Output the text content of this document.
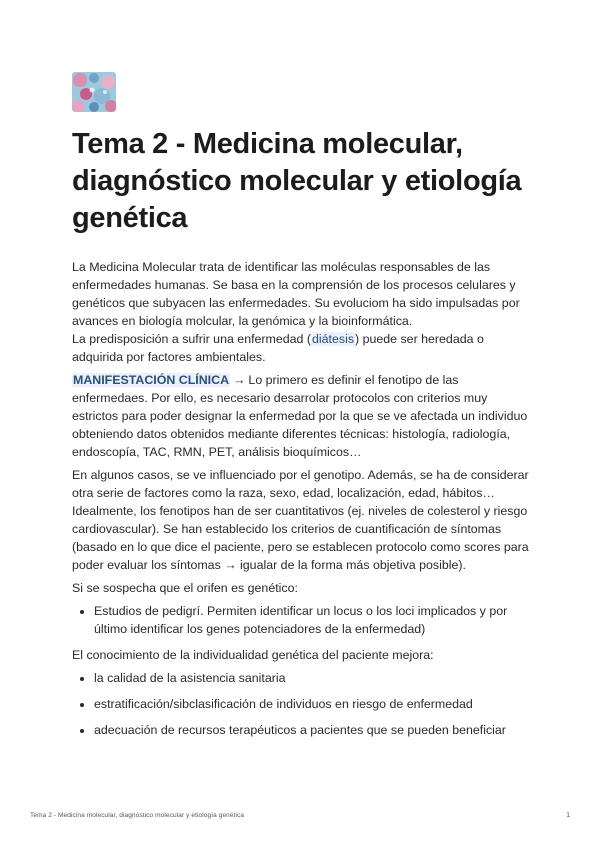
Tema 2 - Medicina molecular, diagnóstico molecular y etiología genética

La Medicina Molecular trata de identificar las moléculas responsables de las enfermedades humanas. Se basa en la comprensión de los procesos celulares y genéticos que subyacen las enfermedades. Su evoluciom ha sido impulsadas por avances en biología molcular, la genómica y la bioinformática.
La predisposición a sufrir una enfermedad (diátesis) puede ser heredada o adquirida por factores ambientales.

MANIFESTACIÓN CLÍNICA → Lo primero es definir el fenotipo de las enfermedaes. Por ello, es necesario desarrolar protocolos con criterios muy estrictos para poder designar la enfermedad por la que se ve afectada un individuo obteniendo datos obtenidos mediante diferentes técnicas: histología, radiología, endoscopía, TAC, RMN, PET, análisis bioquímicos…

En algunos casos, se ve influenciado por el genotipo. Además, se ha de considerar otra serie de factores como la raza, sexo, edad, localización, edad, hábitos… Idealmente, los fenotipos han de ser cuantitativos (ej. niveles de colesterol y riesgo cardiovascular). Se han establecido los criterios de cuantificación de síntomas (basado en lo que dice el paciente, pero se establecen protocolo como scores para poder evaluar los síntomas → igualar de la forma más objetiva posible).

Si se sospecha que el orifen es genético:

• Estudios de pedigrí. Permiten identificar un locus o los loci implicados y por último identificar los genes potenciadores de la enfermedad)

El conocimiento de la individualidad genética del paciente mejora:

• la calidad de la asistencia sanitaria
• estratificación/sibclasificación de individuos en riesgo de enfermedad
• adecuación de recursos terapéuticos a pacientes que se pueden beneficiar
Tema 2 - Medicina molecular, diagnóstico molecular y etiología genética	1
